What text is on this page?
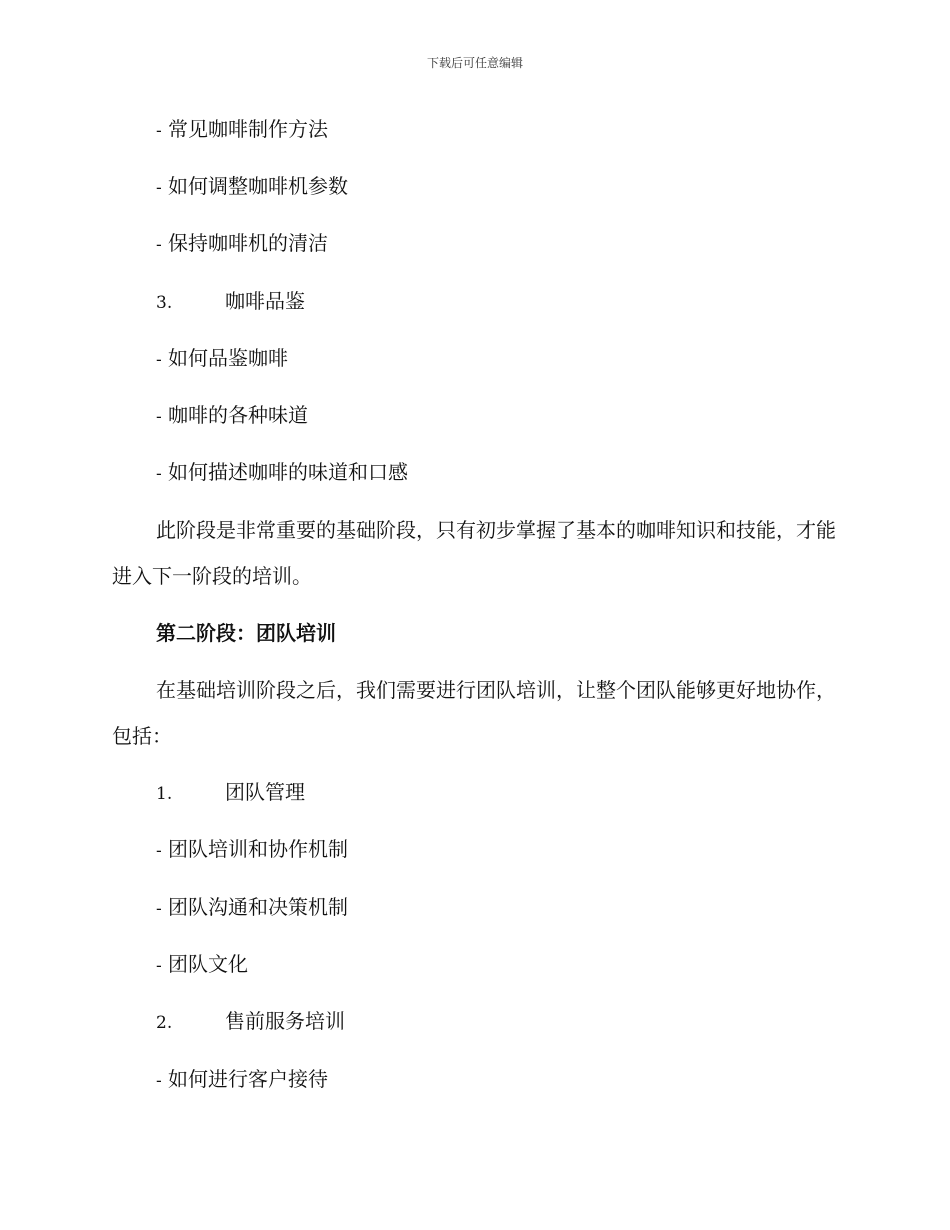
下载后可任意编辑
- 常见咖啡制作方法
- 如何调整咖啡机参数
- 保持咖啡机的清洁
3.	咖啡品鉴
- 如何品鉴咖啡
- 咖啡的各种味道
- 如何描述咖啡的味道和口感
此阶段是非常重要的基础阶段，只有初步掌握了基本的咖啡知识和技能，才能进入下一阶段的培训。
第二阶段：团队培训
在基础培训阶段之后，我们需要进行团队培训，让整个团队能够更好地协作，包括：
1.	团队管理
- 团队培训和协作机制
- 团队沟通和决策机制
- 团队文化
2.	售前服务培训
- 如何进行客户接待
